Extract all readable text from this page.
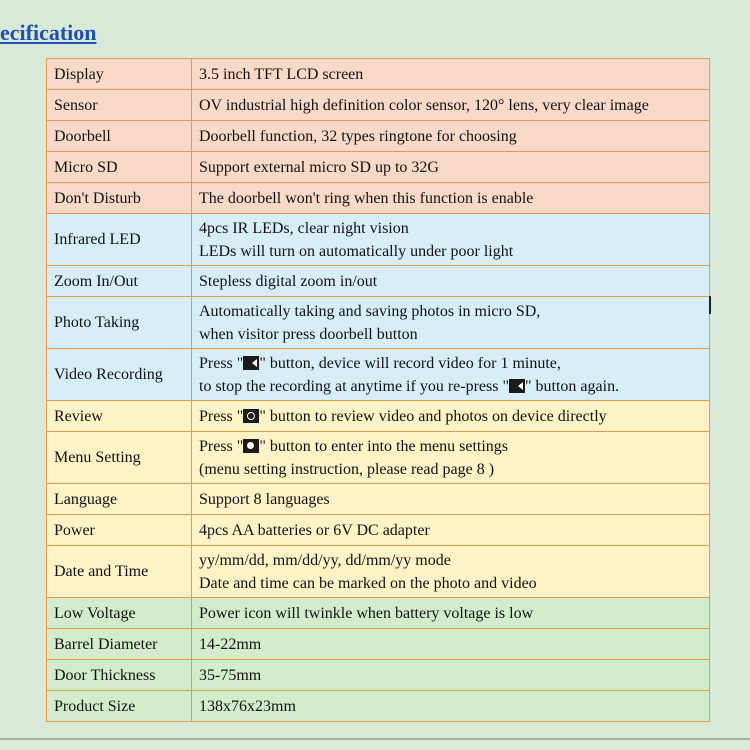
ecification
Display	3.5 inch TFT LCD screen
Sensor	OV industrial high definition color sensor, 120° lens, very clear image

Doorbell	Doorbell function, 32 types ringtone for choosing
Micro SD	Support external micro SD up to 32G
Don't Disturb	The doorbell won't ring when this function is enable
Infrared LED	4pcs IR LEDs, clear night vision
LEDs will turn on automatically under poor light

Zoom In/Out	Stepless digital zoom in/out
Photo Taking	Automatically taking and saving photos in micro SD,
when visitor press doorbell button

Video Recording	Press " " button, device will record video for 1 minute,
to stop the recording at anytime if you re-press " " button again.

Review	Press " " button to review video and photos on device directly

Menu Setting	Press " " button to enter into the menu settings
(menu setting instruction, please read page 8 )

Language	Support 8 languages
Power	4pcs AA batteries or 6V DC adapter
Date and Time	yy/mm/dd, mm/dd/yy, dd/mm/yy mode
Date and time can be marked on the photo and video

Low Voltage	Power icon will twinkle when battery voltage is low
Barrel Diameter	14-22mm
Door Thickness	35-75mm
Product Size	138x76x23mm
